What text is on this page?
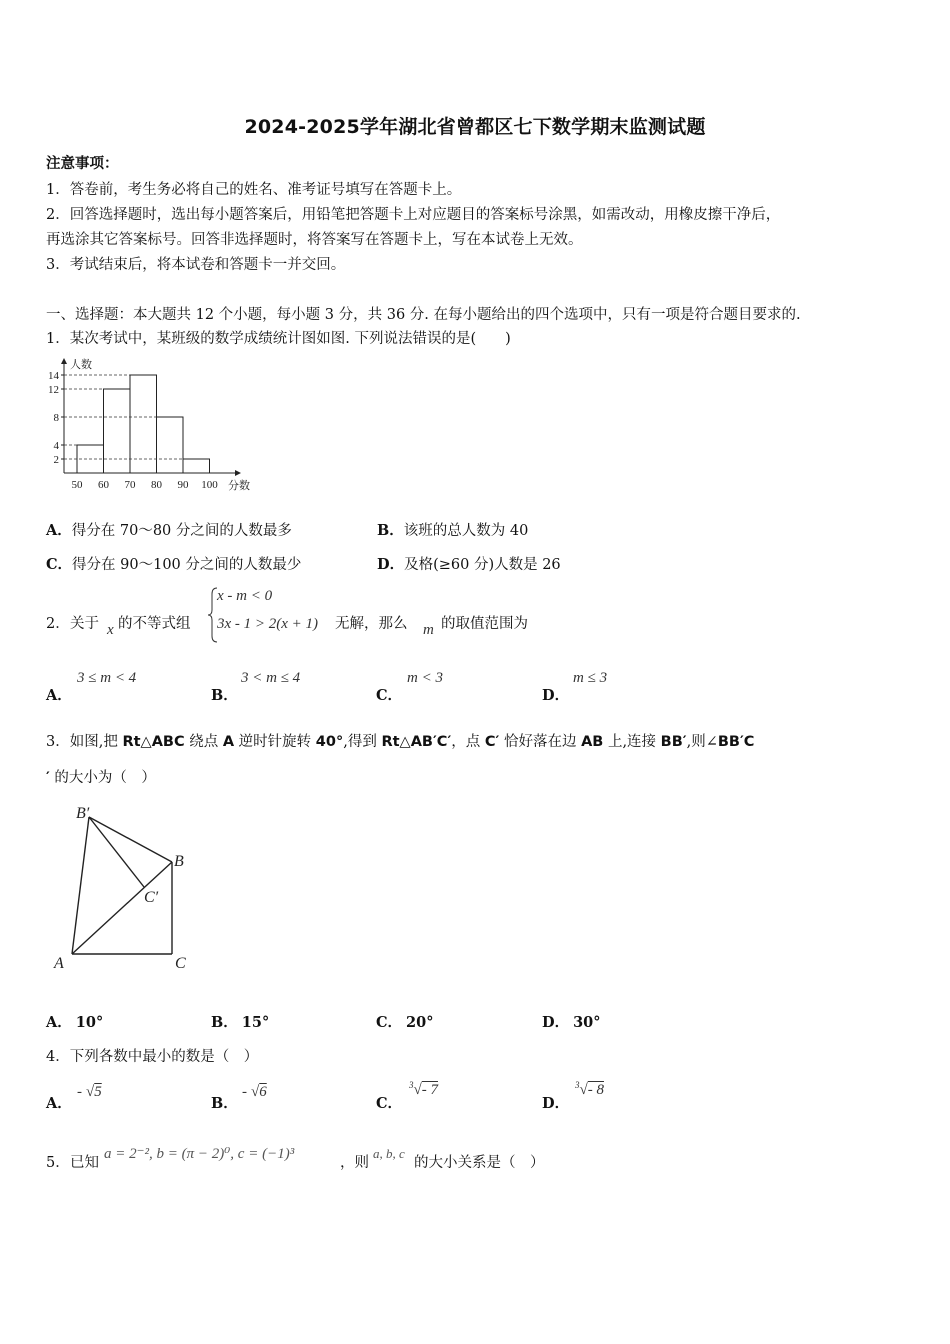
2024-2025学年湖北省曾都区七下数学期末监测试题
注意事项：
1．答卷前，考生务必将自己的姓名、准考证号填写在答题卡上。
2．回答选择题时，选出每小题答案后，用铅笔把答题卡上对应题目的答案标号涂黑，如需改动，用橡皮擦干净后，
再选涂其它答案标号。回答非选择题时，将答案写在答题卡上，写在本试卷上无效。
3．考试结束后，将本试卷和答题卡一并交回。
一、选择题：本大题共 12 个小题，每小题 3 分，共 36 分. 在每小题给出的四个选项中，只有一项是符合题目要求的.
1．某次考试中，某班级的数学成绩统计图如图. 下列说法错误的是(　　)
2
4
8
12
14
50 60 70 80 90 100
人数
分数
A．得分在 70～80 分之间的人数最多	B．该班的总人数为 40
C．得分在 90～100 分之间的人数最少	D．及格(≥60 分)人数是 26
2． 关于 x 的不等式组
x - m < 0
3x - 1 > 2(x + 1) 无解，那么 m 的取值范围为
A．
3 ≤ m < 4
B．
3 < m ≤ 4
C．
m < 3
D．
m ≤ 3
3．如图,把 Rt△ABC 绕点 A 逆时针旋转 40°,得到 Rt△AB′C′，点 C′ 恰好落在边 AB 上,连接 BB′,则∠BB′C
′ 的大小为（　）
B′
B
C′
A	C
A． 10°	B． 15°	C． 20°	D． 30°
4．下列各数中最小的数是（　）
A．
- √5
B．
- √6
C．
$^3$√- 7
D．
$^3$√- 8
5． 已知
a = 2⁻², b = (π − 2)⁰, c = (−1)³
，则
a, b, c
的大小关系是（　）
